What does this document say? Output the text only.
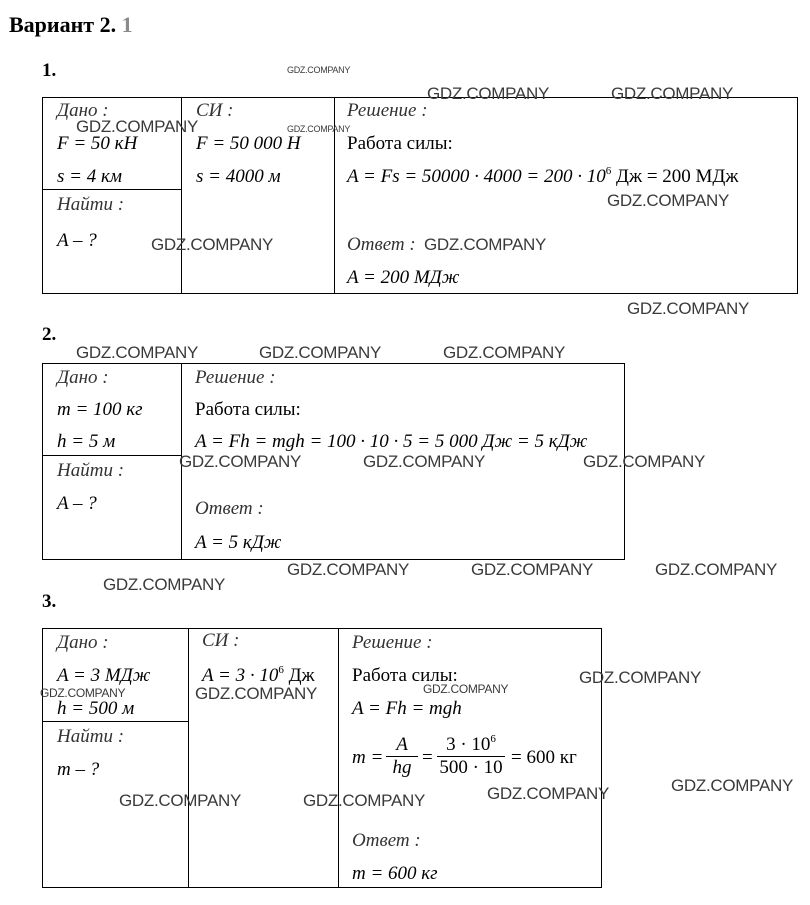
Вариант 2. 1
1.
Дано :
F = 50 кН
s = 4 км
Найти :
A – ?
СИ :
F = 50 000 Н
s = 4000 м
Решение :
Работа силы:
$A = Fs = 50000 \cdot 4000 = 200 \cdot 10^6$ Дж = 200 МДж
Ответ :
A = 200 МДж
2.
Дано :
m = 100 кг
h = 5 м
Найти :
A – ?
Решение :
Работа силы:
A = Fh = mgh = 100 · 10 · 5 = 5 000 Дж = 5 кДж
Ответ :
A = 5 кДж
3.
Дано :
A = 3 МДж
h = 500 м
Найти :
m – ?
СИ :
$A = 3 \cdot 10^6$ Дж
Решение :
Работа силы:
A = Fh = mgh
$m = \frac{A}{hg} = \frac{3 \cdot 10^6}{500 \cdot 10} = 600$ кг
Ответ :
m = 600 кг
GDZ.COMPANY
GDZ.COMPANY	GDZ.COMPANY
GDZ.COMPANY	GDZ.COMPANY
GDZ.COMPANY
GDZ.COMPANY	GDZ.COMPANY
GDZ.COMPANY
GDZ.COMPANY	GDZ.COMPANY	GDZ.COMPANY
GDZ.COMPANY	GDZ.COMPANY	GDZ.COMPANY
GDZ.COMPANY	GDZ.COMPANY	GDZ.COMPANY
GDZ.COMPANY
GDZ.COMPANY
GDZ.COMPANY
GDZ.COMPANY	GDZ.COMPANY
GDZ.COMPANY
GDZ.COMPANY
GDZ.COMPANY	GDZ.COMPANY
